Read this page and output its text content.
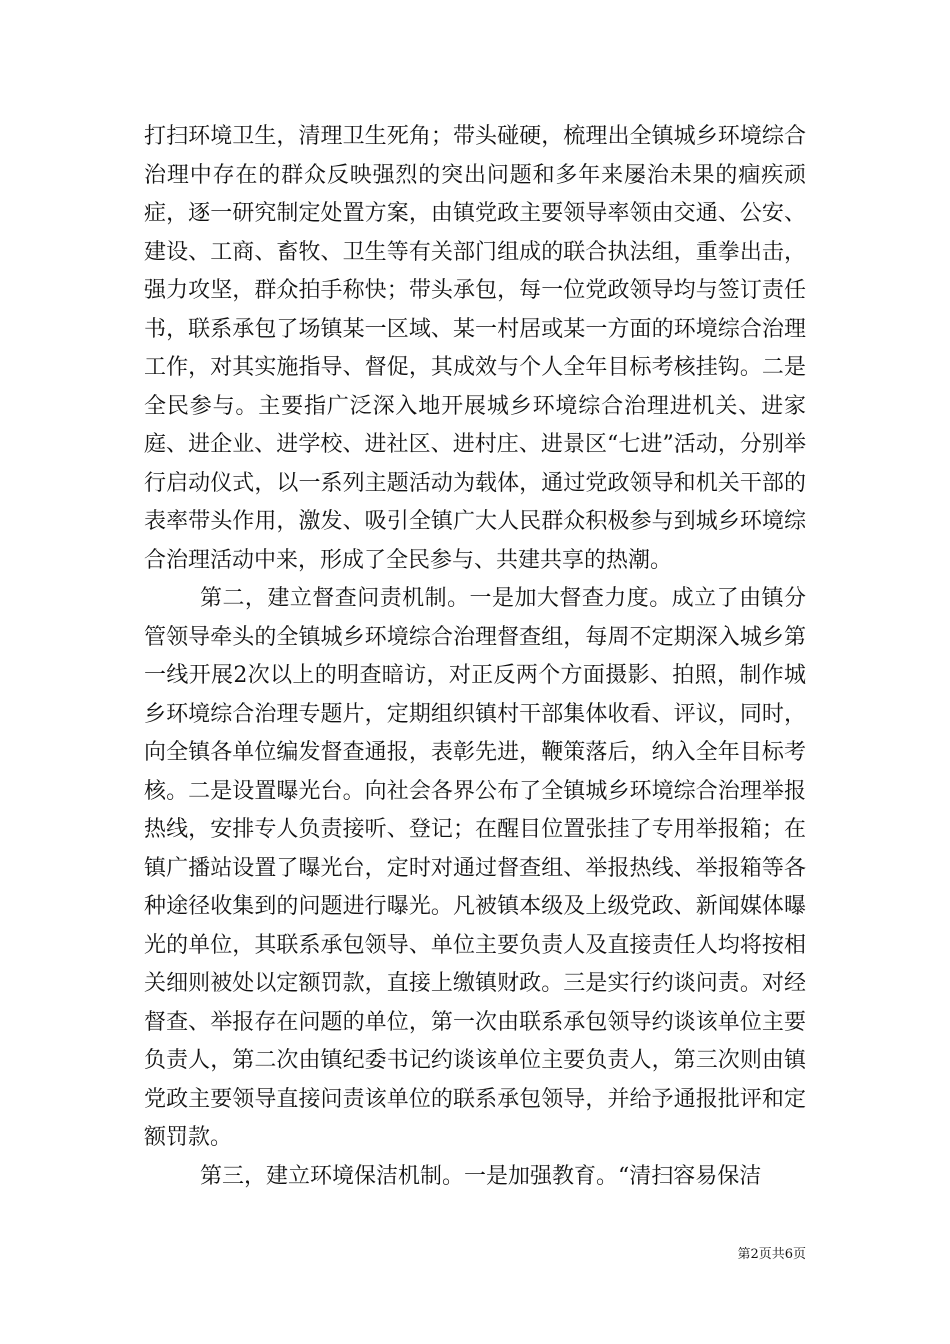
打扫环境卫生，清理卫生死角；带头碰硬，梳理出全镇城乡环境综合治理中存在的群众反映强烈的突出问题和多年来屡治未果的痼疾顽症，逐一研究制定处置方案，由镇党政主要领导率领由交通、公安、建设、工商、畜牧、卫生等有关部门组成的联合执法组，重拳出击，强力攻坚，群众拍手称快；带头承包，每一位党政领导均与签订责任书，联系承包了场镇某一区域、某一村居或某一方面的环境综合治理工作，对其实施指导、督促，其成效与个人全年目标考核挂钩。二是全民参与。主要指广泛深入地开展城乡环境综合治理进机关、进家庭、进企业、进学校、进社区、进村庄、进景区“七进”活动，分别举行启动仪式，以一系列主题活动为载体，通过党政领导和机关干部的表率带头作用，激发、吸引全镇广大人民群众积极参与到城乡环境综合治理活动中来，形成了全民参与、共建共享的热潮。

第二，建立督查问责机制。一是加大督查力度。成立了由镇分管领导牵头的全镇城乡环境综合治理督查组，每周不定期深入城乡第一线开展2次以上的明查暗访，对正反两个方面摄影、拍照，制作城乡环境综合治理专题片，定期组织镇村干部集体收看、评议，同时，向全镇各单位编发督查通报，表彰先进，鞭策落后，纳入全年目标考核。二是设置曝光台。向社会各界公布了全镇城乡环境综合治理举报热线，安排专人负责接听、登记；在醒目位置张挂了专用举报箱；在镇广播站设置了曝光台，定时对通过督查组、举报热线、举报箱等各种途径收集到的问题进行曝光。凡被镇本级及上级党政、新闻媒体曝光的单位，其联系承包领导、单位主要负责人及直接责任人均将按相关细则被处以定额罚款，直接上缴镇财政。三是实行约谈问责。对经督查、举报存在问题的单位，第一次由联系承包领导约谈该单位主要负责人，第二次由镇纪委书记约谈该单位主要负责人，第三次则由镇党政主要领导直接问责该单位的联系承包领导，并给予通报批评和定额罚款。

第三，建立环境保洁机制。一是加强教育。“清扫容易保洁

第2页共6页
